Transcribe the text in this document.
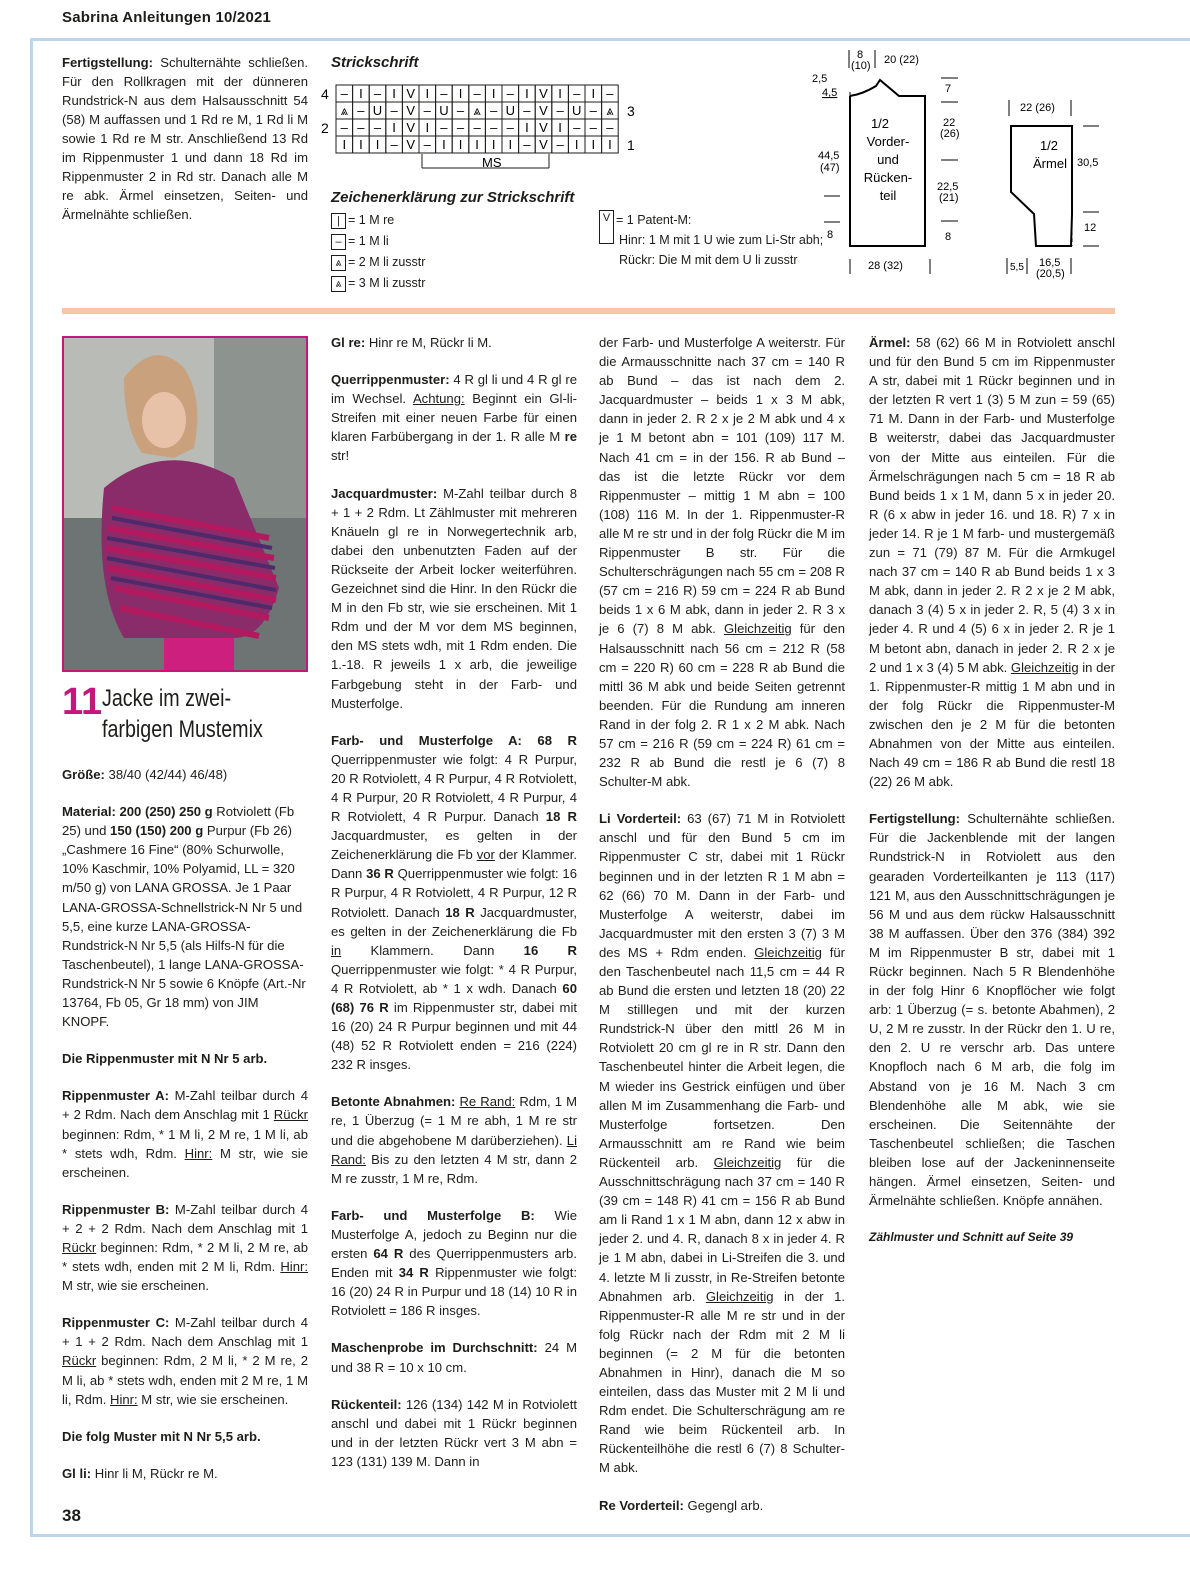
Sabrina Anleitungen 10/2021
Fertigstellung: Schulternähte schließen. Für den Rollkragen mit der dünneren Rundstrick-N aus dem Halsausschnitt 54 (58) M auffassen und 1 Rd re M, 1 Rd li M sowie 1 Rd re M str. Anschließend 13 Rd im Rippenmuster 1 und dann 18 Rd im Rippenmuster 2 in Rd str. Danach alle M re abk. Ärmel einsetzen, Seiten- und Ärmelnähte schließen.
Strickschrift
– I – I V I – I – I – I V I – I –
⩓ – U – V – U – ⩓ – U – V – U – ⩓
– – – I V I – – – – – I V I – – –
I I I – V – I I I I I – V – I I I
4
2
3
1
MS
Zeichenerklärung zur Strickschrift
| = 1 M re
– = 1 M li
⩓ = 2 M li zusstr
⩓ = 3 M li zusstr
V = 1 Patent-M:
Hinr: 1 M mit 1 U wie zum Li-Str abh;
Rückr: Die M mit dem U li zusstr
8
(10) 20 (22)
2,5
4,5
44,5
(47)
8
7
22
(26)
22,5
(21)
8
1/2
Vorder-
und
Rücken-
teil
28 (32)
22 (26)
1/2
Ärmel 30,5
12
5,5 16,5
(20,5)
11 Jacke im zwei-
farbigen Mustemix

Größe: 38/40 (42/44) 46/48)

Material: 200 (250) 250 g Rotviolett (Fb 25) und 150 (150) 200 g Purpur (Fb 26) „Cashmere 16 Fine“ (80% Schurwolle, 10% Kaschmir, 10% Polyamid, LL = 320 m/50 g) von LANA GROSSA. Je 1 Paar LANA-GROSSA-Schnellstrick-N Nr 5 und 5,5, eine kurze LANA-GROSSA-Rundstrick-N Nr 5,5 (als Hilfs-N für die Taschenbeutel), 1 lange LANA-GROSSA-Rundstrick-N Nr 5 sowie 6 Knöpfe (Art.-Nr 13764, Fb 05, Gr 18 mm) von JIM KNOPF.

Die Rippenmuster mit N Nr 5 arb.

Rippenmuster A: M-Zahl teilbar durch 4 + 2 Rdm. Nach dem Anschlag mit 1 Rückr beginnen: Rdm, * 1 M li, 2 M re, 1 M li, ab * stets wdh, Rdm. Hinr: M str, wie sie erscheinen.

Rippenmuster B: M-Zahl teilbar durch 4 + 2 + 2 Rdm. Nach dem Anschlag mit 1 Rückr beginnen: Rdm, * 2 M li, 2 M re, ab * stets wdh, enden mit 2 M li, Rdm. Hinr: M str, wie sie erscheinen.

Rippenmuster C: M-Zahl teilbar durch 4 + 1 + 2 Rdm. Nach dem Anschlag mit 1 Rückr beginnen: Rdm, 2 M li, * 2 M re, 2 M li, ab * stets wdh, enden mit 2 M re, 1 M li, Rdm. Hinr: M str, wie sie erscheinen.

Die folg Muster mit N Nr 5,5 arb.

Gl li: Hinr li M, Rückr re M.

Gl re: Hinr re M, Rückr li M.

Querrippenmuster: 4 R gl li und 4 R gl re im Wechsel. Achtung: Beginnt ein Gl-li-Streifen mit einer neuen Farbe für einen klaren Farbübergang in der 1. R alle M re str!

Jacquardmuster: M-Zahl teilbar durch 8 + 1 + 2 Rdm. Lt Zählmuster mit mehreren Knäueln gl re in Norwegertechnik arb, dabei den unbenutzten Faden auf der Rückseite der Arbeit locker weiterführen. Gezeichnet sind die Hinr. In den Rückr die M in den Fb str, wie sie erscheinen. Mit 1 Rdm und der M vor dem MS beginnen, den MS stets wdh, mit 1 Rdm enden. Die 1.-18. R jeweils 1 x arb, die jeweilige Farbgebung steht in der Farb- und Musterfolge.

Farb- und Musterfolge A: 68 R Querrippenmuster wie folgt: 4 R Purpur, 20 R Rotviolett, 4 R Purpur, 4 R Rotviolett, 4 R Purpur, 20 R Rotviolett, 4 R Purpur, 4 R Rotviolett, 4 R Purpur. Danach 18 R Jacquardmuster, es gelten in der Zeichenerklärung die Fb vor der Klammer. Dann 36 R Querrippenmuster wie folgt: 16 R Purpur, 4 R Rotviolett, 4 R Purpur, 12 R Rotviolett. Danach 18 R Jacquardmuster, es gelten in der Zeichenerklärung die Fb in Klammern. Dann 16 R Querrippenmuster wie folgt: * 4 R Purpur, 4 R Rotviolett, ab * 1 x wdh. Danach 60 (68) 76 R im Rippenmuster str, dabei mit 16 (20) 24 R Purpur beginnen und mit 44 (48) 52 R Rotviolett enden = 216 (224) 232 R insges.

Betonte Abnahmen: Re Rand: Rdm, 1 M re, 1 Überzug (= 1 M re abh, 1 M re str und die abgehobene M darüberziehen). Li Rand: Bis zu den letzten 4 M str, dann 2 M re zusstr, 1 M re, Rdm.

Farb- und Musterfolge B: Wie Musterfolge A, jedoch zu Beginn nur die ersten 64 R des Querrippenmusters arb. Enden mit 34 R Rippenmuster wie folgt: 16 (20) 24 R in Purpur und 18 (14) 10 R in Rotviolett = 186 R insges.

Maschenprobe im Durchschnitt: 24 M und 38 R = 10 x 10 cm.

Rückenteil: 126 (134) 142 M in Rotviolett anschl und dabei mit 1 Rückr beginnen und in der letzten Rückr vert 3 M abn = 123 (131) 139 M. Dann in

der Farb- und Musterfolge A weiterstr. Für die Armausschnitte nach 37 cm = 140 R ab Bund – das ist nach dem 2. Jacquardmuster – beids 1 x 3 M abk, dann in jeder 2. R 2 x je 2 M abk und 4 x je 1 M betont abn = 101 (109) 117 M. Nach 41 cm = in der 156. R ab Bund – das ist die letzte Rückr vor dem Rippenmuster – mittig 1 M abn = 100 (108) 116 M. In der 1. Rippenmuster-R alle M re str und in der folg Rückr die M im Rippenmuster B str. Für die Schulterschrägungen nach 55 cm = 208 R (57 cm = 216 R) 59 cm = 224 R ab Bund beids 1 x 6 M abk, dann in jeder 2. R 3 x je 6 (7) 8 M abk. Gleichzeitig für den Halsausschnitt nach 56 cm = 212 R (58 cm = 220 R) 60 cm = 228 R ab Bund die mittl 36 M abk und beide Seiten getrennt beenden. Für die Rundung am inneren Rand in der folg 2. R 1 x 2 M abk. Nach 57 cm = 216 R (59 cm = 224 R) 61 cm = 232 R ab Bund die restl je 6 (7) 8 Schulter-M abk.

Li Vorderteil: 63 (67) 71 M in Rotviolett anschl und für den Bund 5 cm im Rippenmuster C str, dabei mit 1 Rückr beginnen und in der letzten R 1 M abn = 62 (66) 70 M. Dann in der Farb- und Musterfolge A weiterstr, dabei im Jacquardmuster mit den ersten 3 (7) 3 M des MS + Rdm enden. Gleichzeitig für den Taschenbeutel nach 11,5 cm = 44 R ab Bund die ersten und letzten 18 (20) 22 M stilllegen und mit der kurzen Rundstrick-N über den mittl 26 M in Rotviolett 20 cm gl re in R str. Dann den Taschenbeutel hinter die Arbeit legen, die M wieder ins Gestrick einfügen und über allen M im Zusammenhang die Farb- und Musterfolge fortsetzen. Den Armausschnitt am re Rand wie beim Rückenteil arb. Gleichzeitig für die Ausschnittschrägung nach 37 cm = 140 R (39 cm = 148 R) 41 cm = 156 R ab Bund am li Rand 1 x 1 M abn, dann 12 x abw in jeder 2. und 4. R, danach 8 x in jeder 4. R je 1 M abn, dabei in Li-Streifen die 3. und 4. letzte M li zusstr, in Re-Streifen betonte Abnahmen arb. Gleichzeitig in der 1. Rippenmuster-R alle M re str und in der folg Rückr nach der Rdm mit 2 M li beginnen (= 2 M für die betonten Abnahmen in Hinr), danach die M so einteilen, dass das Muster mit 2 M li und Rdm endet. Die Schulterschrägung am re Rand wie beim Rückenteil arb. In Rückenteilhöhe die restl 6 (7) 8 Schulter-M abk.

Re Vorderteil: Gegengl arb.

Ärmel: 58 (62) 66 M in Rotviolett anschl und für den Bund 5 cm im Rippenmuster A str, dabei mit 1 Rückr beginnen und in der letzten R vert 1 (3) 5 M zun = 59 (65) 71 M. Dann in der Farb- und Musterfolge B weiterstr, dabei das Jacquardmuster von der Mitte aus einteilen. Für die Ärmelschrägungen nach 5 cm = 18 R ab Bund beids 1 x 1 M, dann 5 x in jeder 20. R (6 x abw in jeder 16. und 18. R) 7 x in jeder 14. R je 1 M farb- und mustergemäß zun = 71 (79) 87 M. Für die Armkugel nach 37 cm = 140 R ab Bund beids 1 x 3 M abk, dann in jeder 2. R 2 x je 2 M abk, danach 3 (4) 5 x in jeder 2. R, 5 (4) 3 x in jeder 4. R und 4 (5) 6 x in jeder 2. R je 1 M betont abn, danach in jeder 2. R 2 x je 2 und 1 x 3 (4) 5 M abk. Gleichzeitig in der 1. Rippenmuster-R mittig 1 M abn und in der folg Rückr die Rippenmuster-M zwischen den je 2 M für die betonten Abnahmen von der Mitte aus einteilen. Nach 49 cm = 186 R ab Bund die restl 18 (22) 26 M abk.

Fertigstellung: Schulternähte schließen. Für die Jackenblende mit der langen Rundstrick-N in Rotviolett aus den gearaden Vorderteilkanten je 113 (117) 121 M, aus den Ausschnittschrägungen je 56 M und aus dem rückw Halsausschnitt 38 M auffassen. Über den 376 (384) 392 M im Rippenmuster B str, dabei mit 1 Rückr beginnen. Nach 5 R Blendenhöhe in der folg Hinr 6 Knopflöcher wie folgt arb: 1 Überzug (= s. betonte Abahmen), 2 U, 2 M re zusstr. In der Rückr den 1. U re, den 2. U re verschr arb. Das untere Knopfloch nach 6 M arb, die folg im Abstand von je 16 M. Nach 3 cm Blendenhöhe alle M abk, wie sie erscheinen. Die Seitennähte der Taschenbeutel schließen; die Taschen bleiben lose auf der Jackeninnenseite hängen. Ärmel einsetzen, Seiten- und Ärmelnähte schließen. Knöpfe annähen.

Zählmuster und Schnitt auf Seite 39

38
